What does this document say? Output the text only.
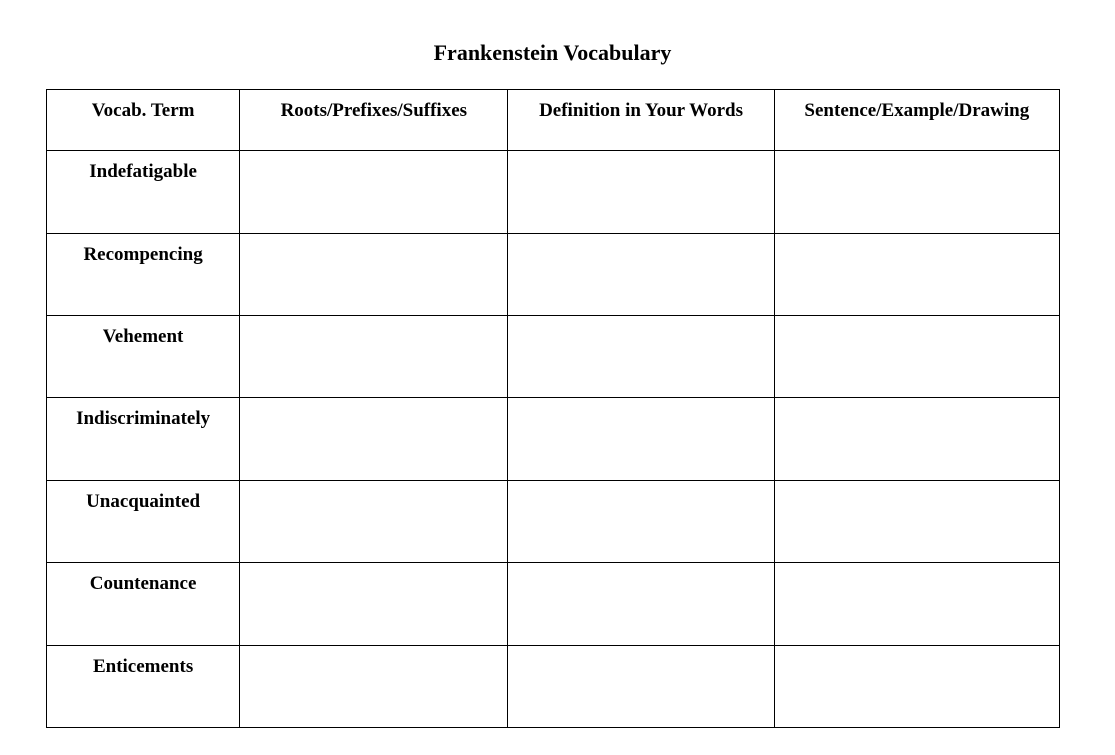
Frankenstein Vocabulary
Vocab. Term	Roots/Prefixes/Suffixes	Definition in Your Words	Sentence/Example/Drawing
Indefatigable			
Recompencing			
Vehement			
Indiscriminately			
Unacquainted			
Countenance			
Enticements			
